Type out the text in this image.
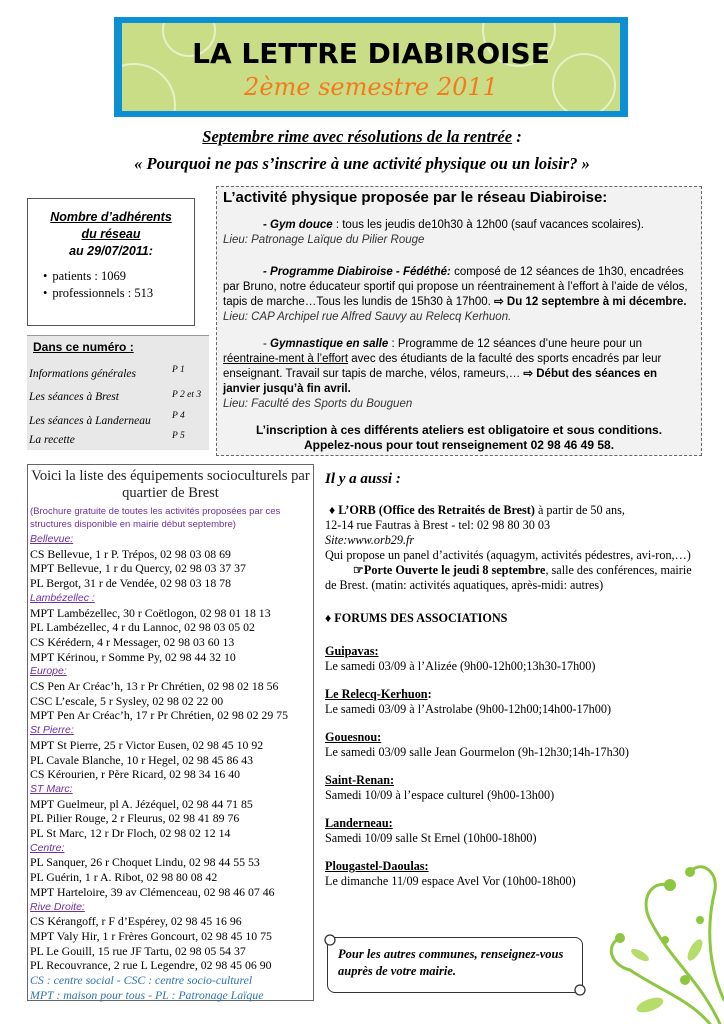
LA LETTRE DIABIROISE
2ème semestre 2011
Septembre rime avec résolutions de la rentrée :
« Pourquoi ne pas s’inscrire à une activité physique ou un loisir? »
Nombre d’adhérents
du réseau
au 29/07/2011:
• patients : 1069
• professionnels : 513
Dans ce numéro :
Informations générales	P 1
Les séances à Brest	P 2 et 3
Les séances à Landerneau P 4
La recette	P 5
L’activité physique proposée par le réseau Diabiroise:
- Gym douce : tous les jeudis de10h30 à 12h00 (sauf vacances scolaires).
Lieu: Patronage Laïque du Pilier Rouge
- Programme Diabiroise - Fédéthé: composé de 12 séances de 1h30, encadrées par Bruno, notre éducateur sportif qui propose un réentrainement à l’effort à l’aide de vélos, tapis de marche…Tous les lundis de 15h30 à 17h00. ⇨ Du 12 septembre à mi décembre.
Lieu: CAP Archipel rue Alfred Sauvy au Relecq Kerhuon.
- Gymnastique en salle : Programme de 12 séances d’une heure pour un réentraine-ment à l’effort avec des étudiants de la faculté des sports encadrés par leur enseignant. Travail sur tapis de marche, vélos, rameurs,… ⇨ Début des séances en janvier jusqu’à fin avril.
Lieu: Faculté des Sports du Bouguen
L’inscription à ces différents ateliers est obligatoire et sous conditions.
Appelez-nous pour tout renseignement 02 98 46 49 58.
Voici la liste des équipements socioculturels par quartier de Brest
(Brochure gratuite de toutes les activités proposées par ces structures disponible en mairie début septembre)
Bellevue:
CS Bellevue, 1 r P. Trépos, 02 98 03 08 69
MPT Bellevue, 1 r du Quercy, 02 98 03 37 37
PL Bergot, 31 r de Vendée, 02 98 03 18 78
Lambézellec :
MPT Lambézellec, 30 r Coëtlogon, 02 98 01 18 13
PL Lambézellec, 4 r du Lannoc, 02 98 03 05 02
CS Kérédern, 4 r Messager, 02 98 03 60 13
MPT Kérinou, r Somme Py, 02 98 44 32 10
Europe:
CS Pen Ar Créac’h, 13 r Pr Chrétien, 02 98 02 18 56
CSC L’escale, 5 r Sysley, 02 98 02 22 00
MPT Pen Ar Créac’h, 17 r Pr Chrétien, 02 98 02 29 75
St Pierre:
MPT St Pierre, 25 r Victor Eusen, 02 98 45 10 92
PL Cavale Blanche, 10 r Hegel, 02 98 45 86 43
CS Kérourien, r Père Ricard, 02 98 34 16 40
ST Marc:
MPT Guelmeur, pl A. Jézéquel, 02 98 44 71 85
PL Pilier Rouge, 2 r Fleurus, 02 98 41 89 76
PL St Marc, 12 r Dr Floch, 02 98 02 12 14
Centre:
PL Sanquer, 26 r Choquet Lindu, 02 98 44 55 53
PL Guérin, 1 r A. Ribot, 02 98 80 08 42
MPT Harteloire, 39 av Clémenceau, 02 98 46 07 46
Rive Droite:
CS Kérangoff, r F d’Espérey, 02 98 45 16 96
MPT Valy Hir, 1 r Frères Goncourt, 02 98 45 10 75
PL Le Gouill, 15 rue JF Tartu, 02 98 05 54 37
PL Recouvrance, 2 rue L Legendre, 02 98 45 06 90
CS : centre social - CSC : centre socio-culturel
MPT : maison pour tous - PL : Patronage Laïque
Il y a aussi :
♦ L’ORB (Office des Retraités de Brest) à partir de 50 ans,
12-14 rue Fautras à Brest - tel: 02 98 80 30 03
Site:www.orb29.fr
Qui propose un panel d’activités (aquagym, activités pédestres, avi-ron,…)
☞Porte Ouverte le jeudi 8 septembre, salle des conférences, mairie de Brest. (matin: activités aquatiques, après-midi: autres)
♦ FORUMS DES ASSOCIATIONS
Guipavas:
Le samedi 03/09 à l’Alizée (9h00-12h00;13h30-17h00)
Le Relecq-Kerhuon:
Le samedi 03/09 à l’Astrolabe (9h00-12h00;14h00-17h00)
Gouesnou:
Le samedi 03/09 salle Jean Gourmelon (9h-12h30;14h-17h30)
Saint-Renan:
Samedi 10/09 à l’espace culturel (9h00-13h00)
Landerneau:
Samedi 10/09 salle St Ernel (10h00-18h00)
Plougastel-Daoulas:
Le dimanche 11/09 espace Avel Vor (10h00-18h00)
Pour les autres communes, renseignez-vous auprès de votre mairie.
